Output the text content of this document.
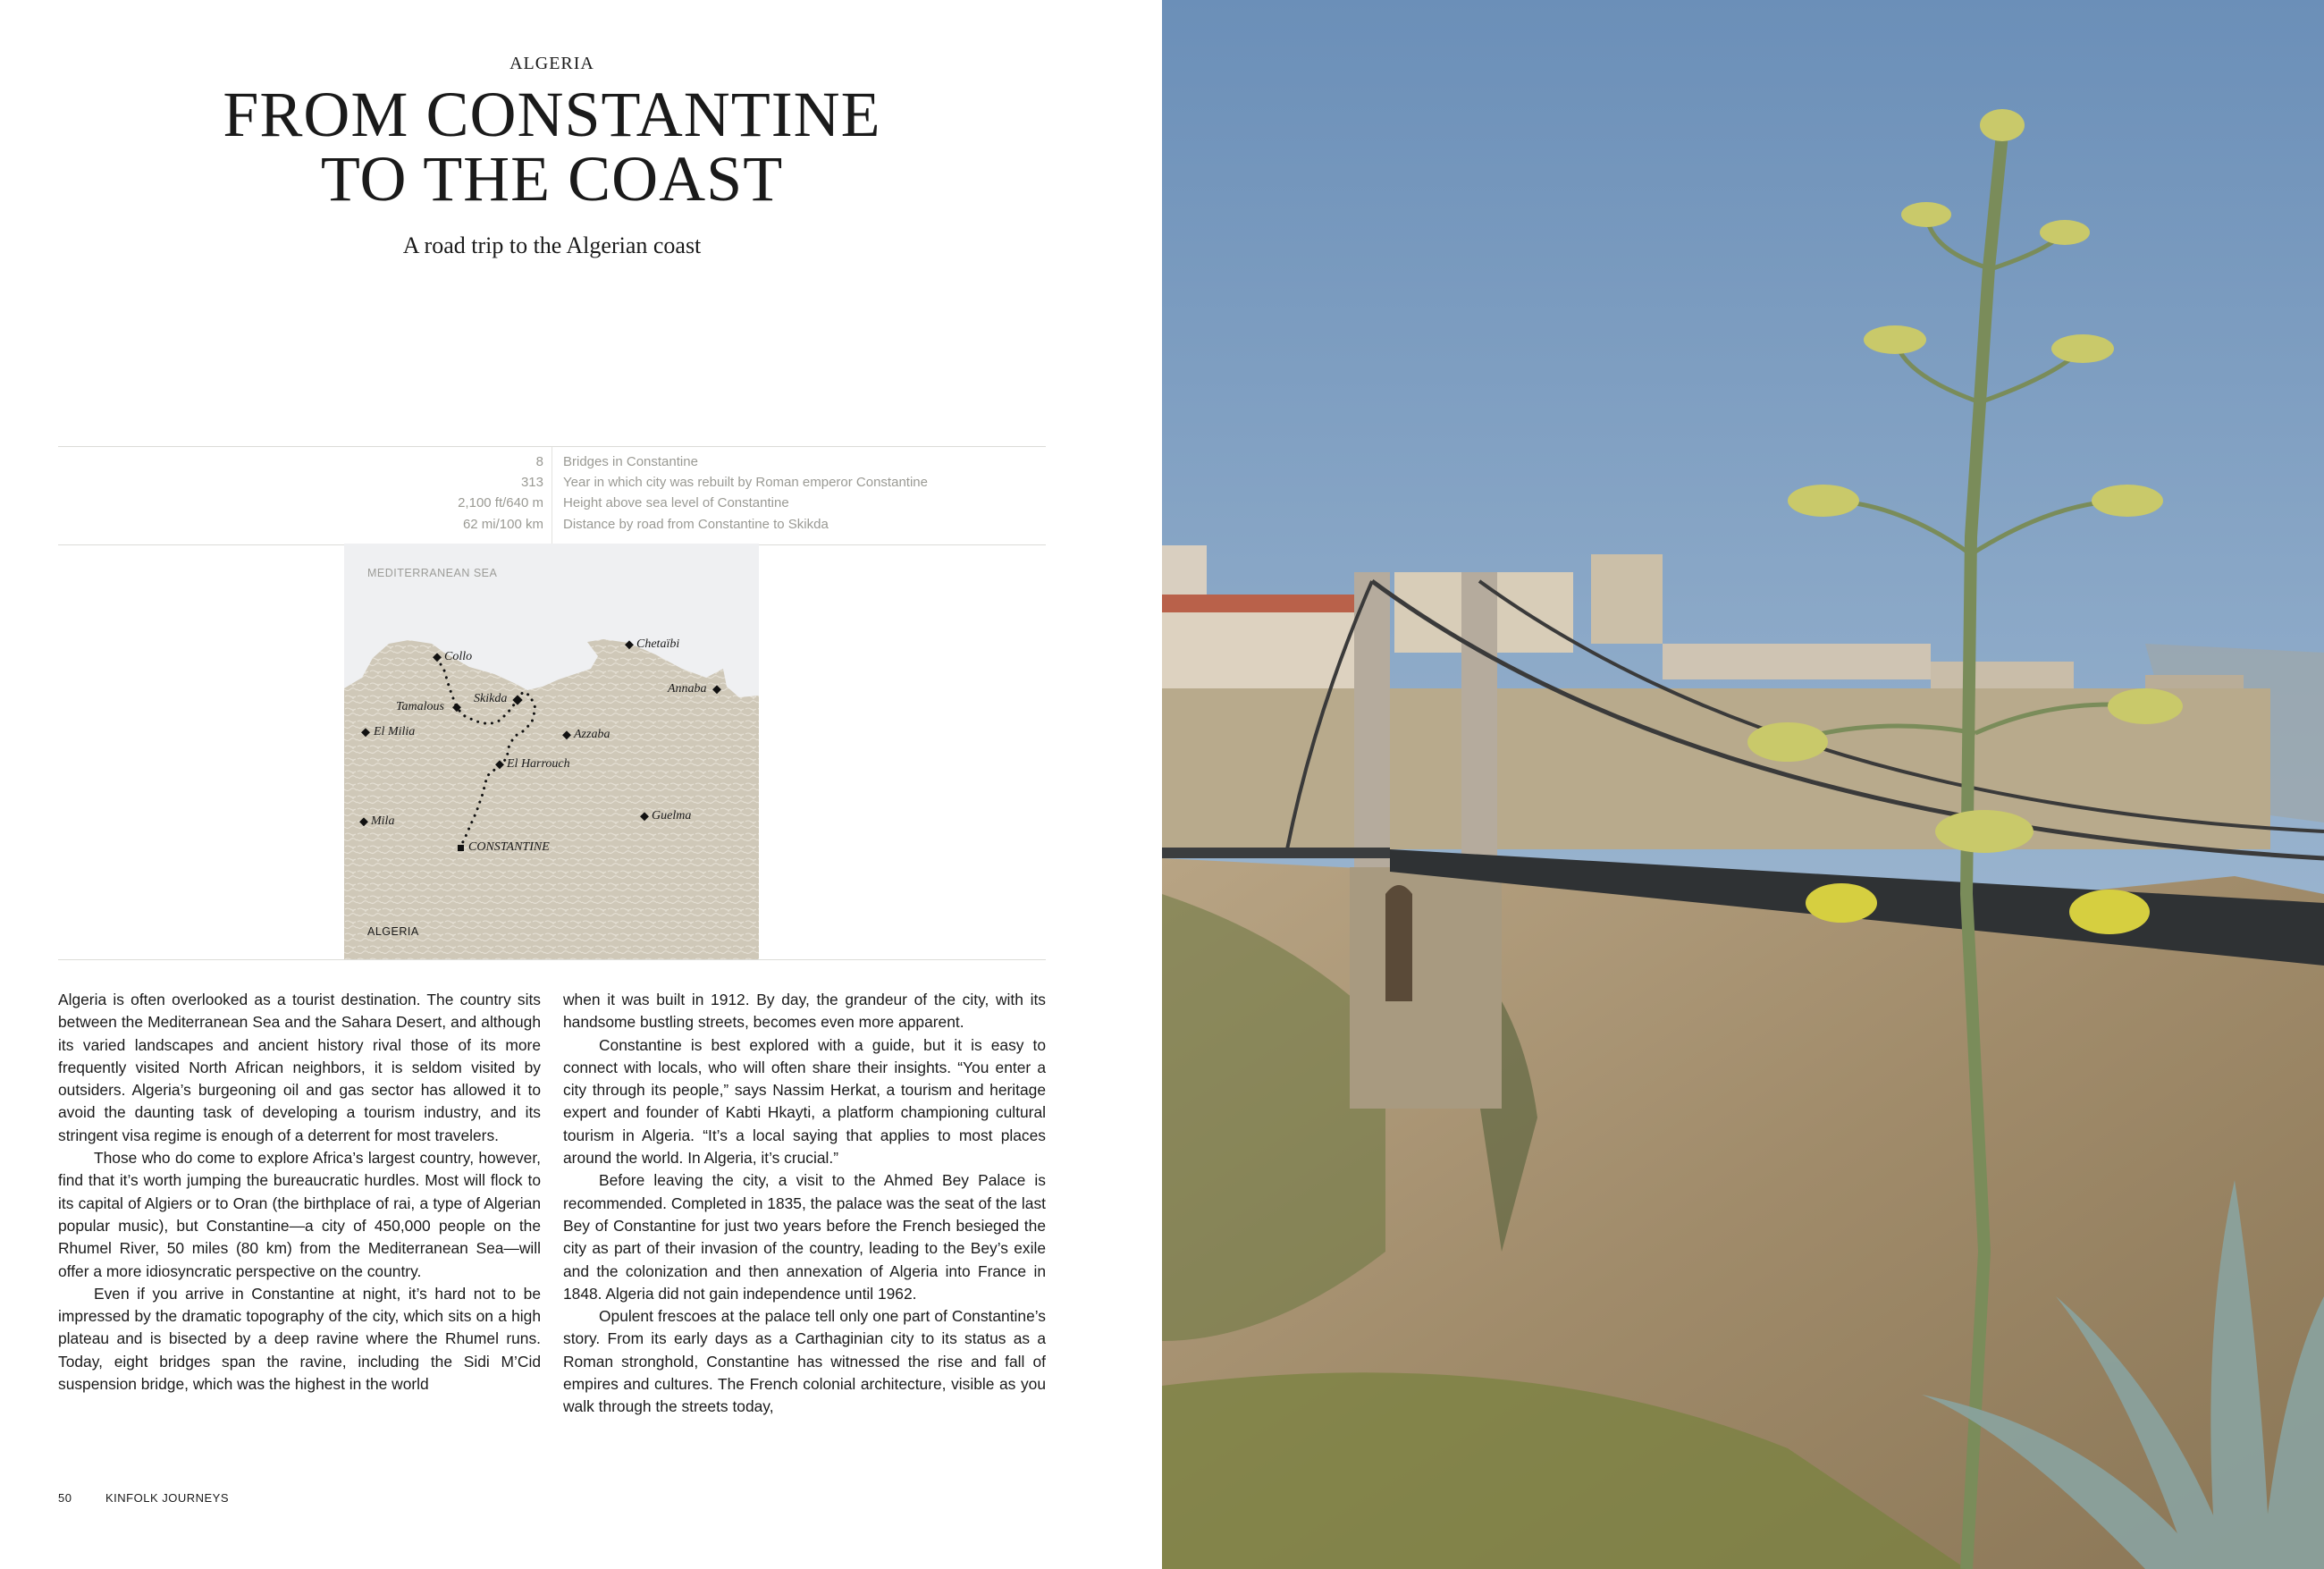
ALGERIA
FROM CONSTANTINE
TO THE COAST
A road trip to the Algerian coast
8 Bridges in Constantine
313 Year in which city was rebuilt by Roman emperor Constantine
2,100 ft/640 m Height above sea level of Constantine
62 mi/100 km Distance by road from Constantine to Skikda
MEDITERRANEAN SEA
ALGERIA
Collo
Chetaïbi
Annaba
Skikda
Tamalous
El Milia	Azzaba
El Harrouch
Guelma
Mila
CONSTANTINE

Algeria is often overlooked as a tourist destination. The country sits between the Mediterranean Sea and the Sahara Desert, and although its varied landscapes and ancient history rival those of its more frequently visited North African neighbors, it is seldom visited by outsiders. Algeria’s burgeoning oil and gas sector has allowed it to avoid the daunting task of developing a tourism industry, and its stringent visa regime is enough of a deterrent for most travelers.

Those who do come to explore Africa’s largest country, however, find that it’s worth jumping the bureaucratic hurdles. Most will flock to its capital of Algiers or to Oran (the birthplace of rai, a type of Algerian popular music), but Constantine—a city of 450,000 people on the Rhumel River, 50 miles (80 km) from the Mediterranean Sea—will offer a more idiosyncratic perspective on the country.

Even if you arrive in Constantine at night, it’s hard not to be impressed by the dramatic topography of the city, which sits on a high plateau and is bisected by a deep ravine where the Rhumel runs. Today, eight bridges span the ravine, including the Sidi M’Cid suspension bridge, which was the highest in the world

when it was built in 1912. By day, the grandeur of the city, with its handsome bustling streets, becomes even more apparent.

Constantine is best explored with a guide, but it is easy to connect with locals, who will often share their insights. “You enter a city through its people,” says Nassim Herkat, a tourism and heritage expert and founder of Kabti Hkayti, a platform championing cultural tourism in Algeria. “It’s a local saying that applies to most places around the world. In Algeria, it’s crucial.”

Before leaving the city, a visit to the Ahmed Bey Palace is recommended. Completed in 1835, the palace was the seat of the last Bey of Constantine for just two years before the French besieged the city as part of their invasion of the country, leading to the Bey’s exile and the colonization and then annexation of Algeria into France in 1848. Algeria did not gain independence until 1962.

Opulent frescoes at the palace tell only one part of Constantine’s story. From its early days as a Carthaginian city to its status as a Roman stronghold, Constantine has witnessed the rise and fall of empires and cultures. The French colonial architecture, visible as you walk through the streets today,

50	KINFOLK JOURNEYS
